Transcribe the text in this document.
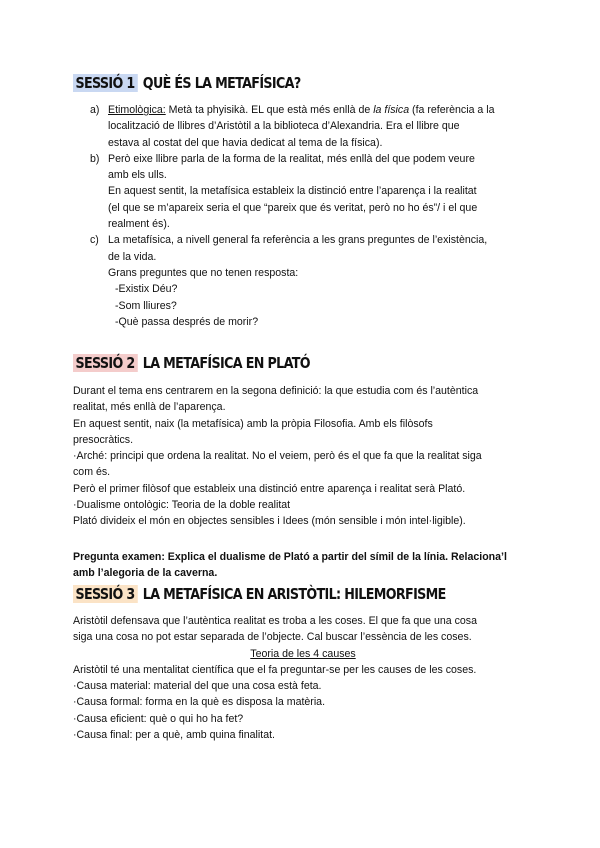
SESSIÓ 1 QUÈ ÉS LA METAFÍSICA?
a) Etimològica: Metà ta phyisikà. EL que està més enllà de la física (fa referència a la
localització de llibres d’Aristòtil a la biblioteca d’Alexandria. Era el llibre que
estava al costat del que havia dedicat al tema de la física).
b) Però eixe llibre parla de la forma de la realitat, més enllà del que podem veure
amb els ulls.
En aquest sentit, la metafísica estableix la distinció entre l’aparença i la realitat
(el que se m’apareix seria el que “pareix que és veritat, però no ho és”/ i el que
realment és).
c) La metafísica, a nivell general fa referència a les grans preguntes de l’existència,
de la vida.
Grans preguntes que no tenen resposta:
-Existix Déu?
-Som lliures?
-Què passa després de morir?
SESSIÓ 2 LA METAFÍSICA EN PLATÓ
Durant el tema ens centrarem en la segona definició: la que estudia com és l’autèntica
realitat, més enllà de l’aparença.
En aquest sentit, naix (la metafísica) amb la pròpia Filosofia. Amb els filòsofs
presocràtics.
·Arché: principi que ordena la realitat. No el veiem, però és el que fa que la realitat siga
com és.
Però el primer filòsof que estableix una distinció entre aparença i realitat serà Plató.
·Dualisme ontològic: Teoria de la doble realitat
Plató divideix el món en objectes sensibles i Idees (món sensible i món intel·ligible).
Pregunta examen: Explica el dualisme de Plató a partir del símil de la línia. Relaciona’l
amb l’alegoria de la caverna.
SESSIÓ 3 LA METAFÍSICA EN ARISTÒTIL: HILEMORFISME
Aristòtil defensava que l’autèntica realitat es troba a les coses. El que fa que una cosa
siga una cosa no pot estar separada de l’objecte. Cal buscar l’essència de les coses.
Teoria de les 4 causes
Aristòtil té una mentalitat científica que el fa preguntar-se per les causes de les coses.
·Causa material: material del que una cosa està feta.
·Causa formal: forma en la què es disposa la matèria.
·Causa eficient: què o qui ho ha fet?
·Causa final: per a què, amb quina finalitat.
